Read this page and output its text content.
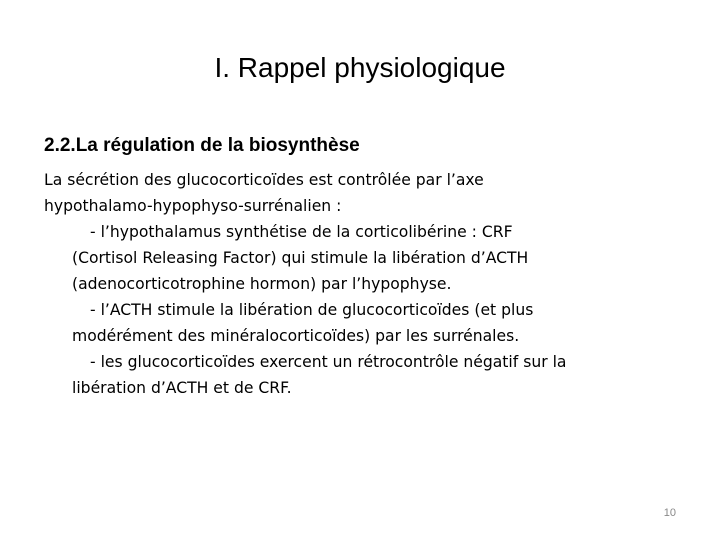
I. Rappel physiologique
2.2.La régulation de la biosynthèse
La sécrétion des glucocorticoïdes est contrôlée par l’axe
hypothalamo-hypophyso-surrénalien :
- l’hypothalamus synthétise de la corticolibérine : CRF
(Cortisol Releasing Factor) qui stimule la libération d’ACTH
(adenocorticotrophine hormon) par l’hypophyse.
- l’ACTH stimule la libération de glucocorticoïdes (et plus
modérément des minéralocorticoïdes) par les surrénales.
- les glucocorticoïdes exercent un rétrocontrôle négatif sur la
libération d’ACTH et de CRF.
10
